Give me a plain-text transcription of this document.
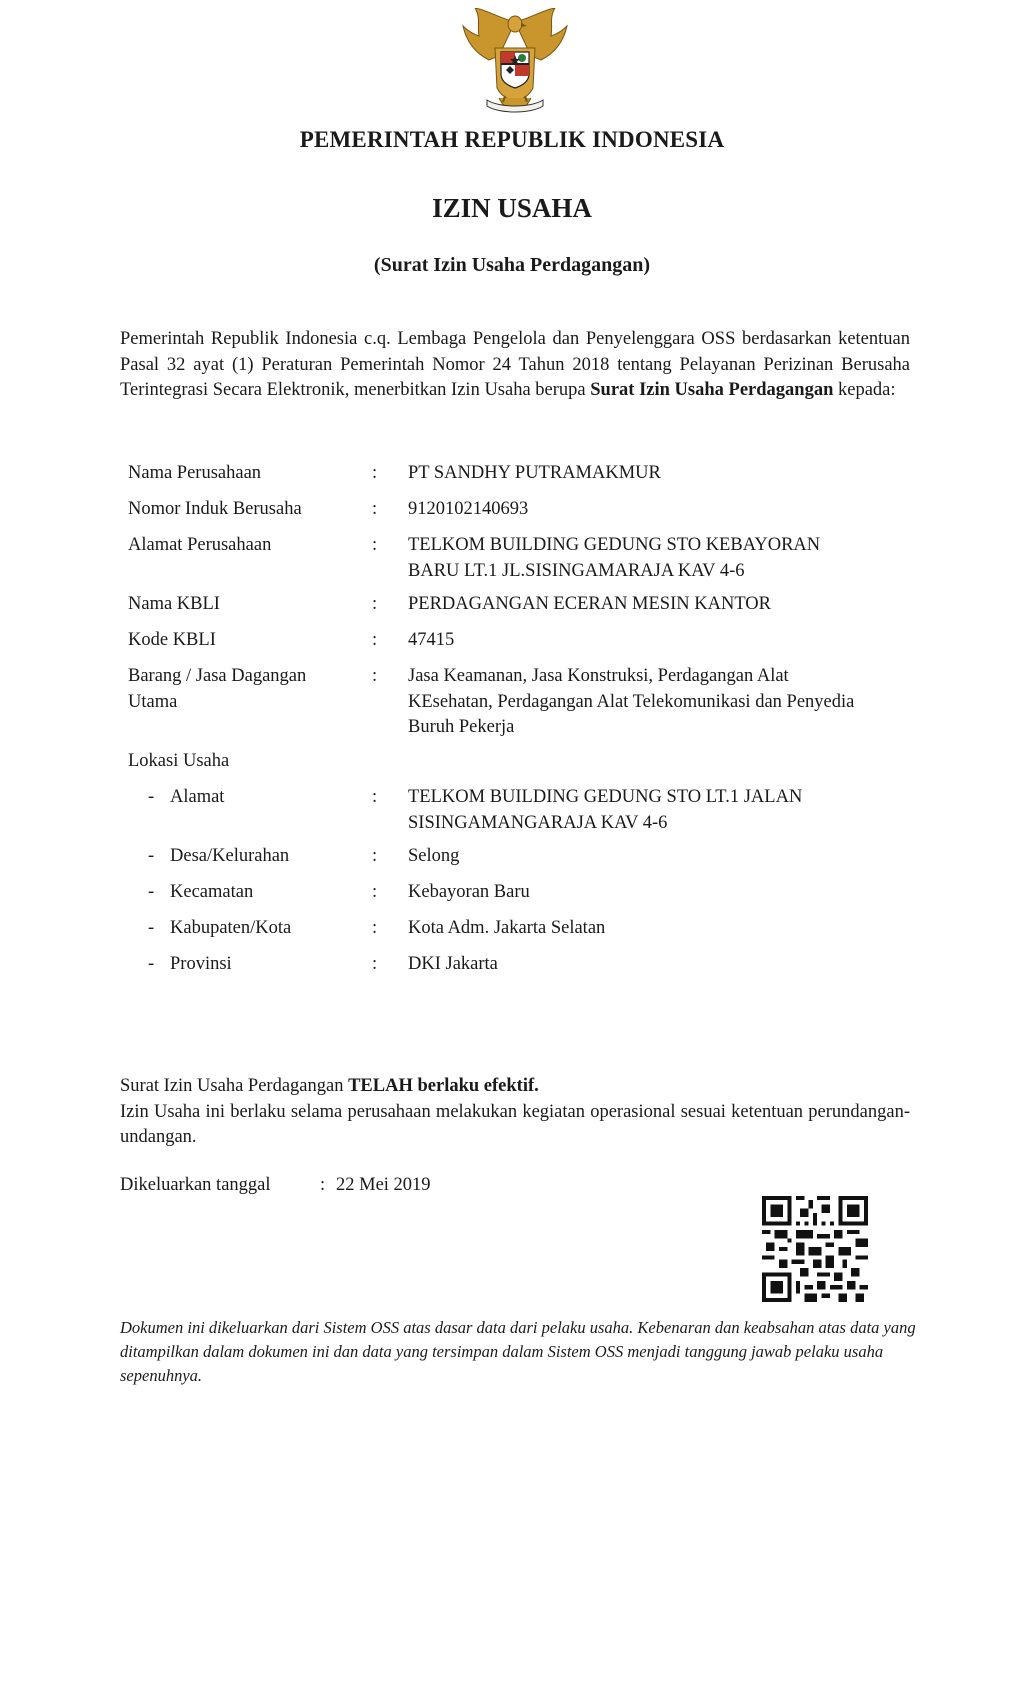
PEMERINTAH REPUBLIK INDONESIA
IZIN USAHA
(Surat Izin Usaha Perdagangan)

Pemerintah Republik Indonesia c.q. Lembaga Pengelola dan Penyelenggara OSS berdasarkan ketentuan Pasal 32 ayat (1) Peraturan Pemerintah Nomor 24 Tahun 2018 tentang Pelayanan Perizinan Berusaha Terintegrasi Secara Elektronik, menerbitkan Izin Usaha berupa Surat Izin Usaha Perdagangan kepada:

Nama Perusahaan	: PT SANDHY PUTRAMAKMUR
Nomor Induk Berusaha	: 9120102140693
Alamat Perusahaan	: TELKOM BUILDING GEDUNG STO KEBAYORAN
BARU LT.1 JL.SISINGAMARAJA KAV 4-6
Nama KBLI	: PERDAGANGAN ECERAN MESIN KANTOR
Kode KBLI	: 47415
Barang / Jasa Dagangan
Utama
: Jasa Keamanan, Jasa Konstruksi, Perdagangan Alat
KEsehatan, Perdagangan Alat Telekomunikasi dan Penyedia
Buruh Pekerja
Lokasi Usaha
- Alamat	: TELKOM BUILDING GEDUNG STO LT.1 JALAN
SISINGAMANGARAJA KAV 4-6
- Desa/Kelurahan	: Selong
- Kecamatan	: Kebayoran Baru
- Kabupaten/Kota	: Kota Adm. Jakarta Selatan
- Provinsi	: DKI Jakarta

Surat Izin Usaha Perdagangan TELAH berlaku efektif.
Izin Usaha ini berlaku selama perusahaan melakukan kegiatan operasional sesuai ketentuan perundangan-undangan.

Dikeluarkan tanggal	: 22 Mei 2019

Dokumen ini dikeluarkan dari Sistem OSS atas dasar data dari pelaku usaha. Kebenaran dan keabsahan atas data yang ditampilkan dalam dokumen ini dan data yang tersimpan dalam Sistem OSS menjadi tanggung jawab pelaku usaha sepenuhnya.
